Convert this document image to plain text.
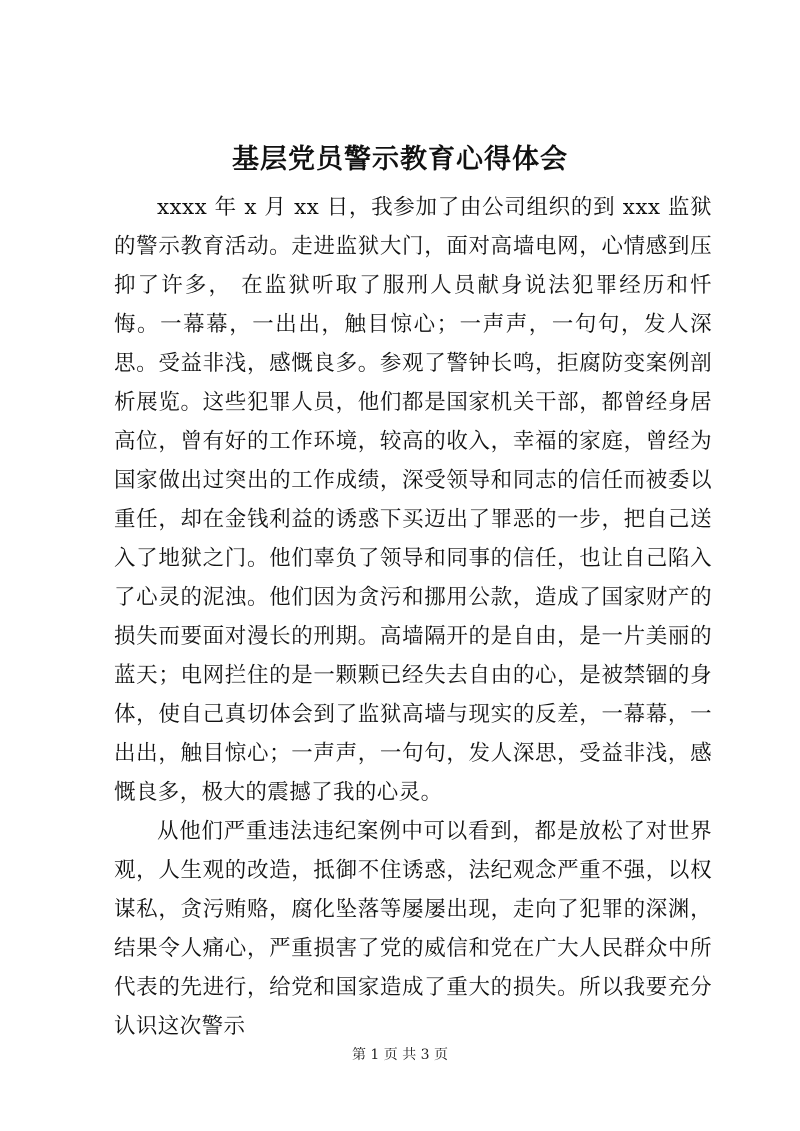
基层党员警示教育心得体会

xxxx 年 x 月 xx 日，我参加了由公司组织的到 xxx 监狱的警示教育活动。走进监狱大门，面对高墙电网，心情感到压抑了许多， 在监狱听取了服刑人员献身说法犯罪经历和忏悔。一幕幕，一出出，触目惊心；一声声，一句句，发人深思。受益非浅，感慨良多。参观了警钟长鸣，拒腐防变案例剖析展览。这些犯罪人员，他们都是国家机关干部，都曾经身居高位，曾有好的工作环境，较高的收入，幸福的家庭，曾经为国家做出过突出的工作成绩，深受领导和同志的信任而被委以重任，却在金钱利益的诱惑下买迈出了罪恶的一步，把自己送入了地狱之门。他们辜负了领导和同事的信任，也让自己陷入了心灵的泥浊。他们因为贪污和挪用公款，造成了国家财产的损失而要面对漫长的刑期。高墙隔开的是自由，是一片美丽的蓝天；电网拦住的是一颗颗已经失去自由的心，是被禁锢的身体，使自己真切体会到了监狱高墙与现实的反差，一幕幕，一出出，触目惊心；一声声，一句句，发人深思，受益非浅，感慨良多，极大的震撼了我的心灵。

从他们严重违法违纪案例中可以看到，都是放松了对世界观，人生观的改造，抵御不住诱惑，法纪观念严重不强，以权谋私，贪污贿赂，腐化坠落等屡屡出现，走向了犯罪的深渊，结果令人痛心，严重损害了党的威信和党在广大人民群众中所代表的先进行，给党和国家造成了重大的损失。所以我要充分认识这次警示

第 1 页 共 3 页
